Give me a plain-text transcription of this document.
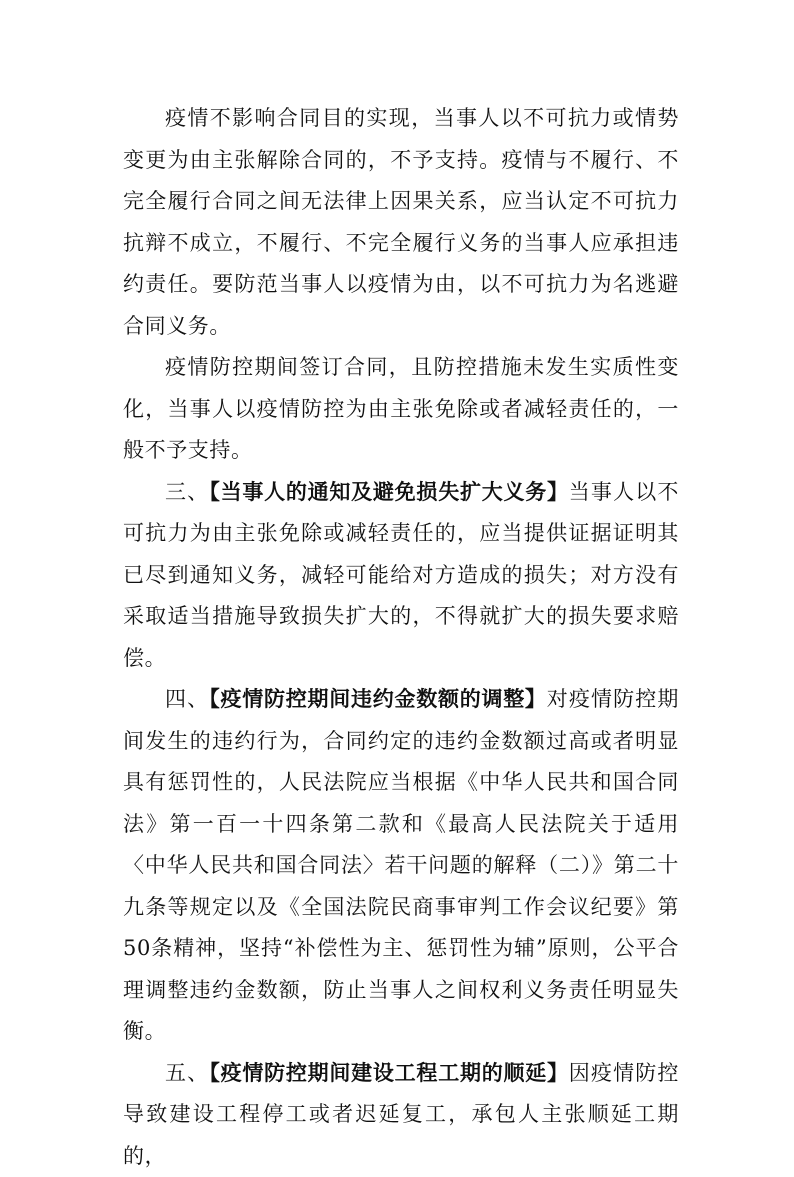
疫情不影响合同目的实现，当事人以不可抗力或情势变更为由主张解除合同的，不予支持。疫情与不履行、不完全履行合同之间无法律上因果关系，应当认定不可抗力抗辩不成立，不履行、不完全履行义务的当事人应承担违约责任。要防范当事人以疫情为由，以不可抗力为名逃避合同义务。

疫情防控期间签订合同，且防控措施未发生实质性变化，当事人以疫情防控为由主张免除或者减轻责任的，一般不予支持。

三、【当事人的通知及避免损失扩大义务】当事人以不可抗力为由主张免除或减轻责任的，应当提供证据证明其已尽到通知义务，减轻可能给对方造成的损失；对方没有采取适当措施导致损失扩大的，不得就扩大的损失要求赔偿。

四、【疫情防控期间违约金数额的调整】对疫情防控期间发生的违约行为，合同约定的违约金数额过高或者明显具有惩罚性的，人民法院应当根据《中华人民共和国合同法》第一百一十四条第二款和《最高人民法院关于适用〈中华人民共和国合同法〉若干问题的解释（二）》第二十九条等规定以及《全国法院民商事审判工作会议纪要》第50条精神，坚持“补偿性为主、惩罚性为辅”原则，公平合理调整违约金数额，防止当事人之间权利义务责任明显失衡。

五、【疫情防控期间建设工程工期的顺延】因疫情防控导致建设工程停工或者迟延复工，承包人主张顺延工期的，
